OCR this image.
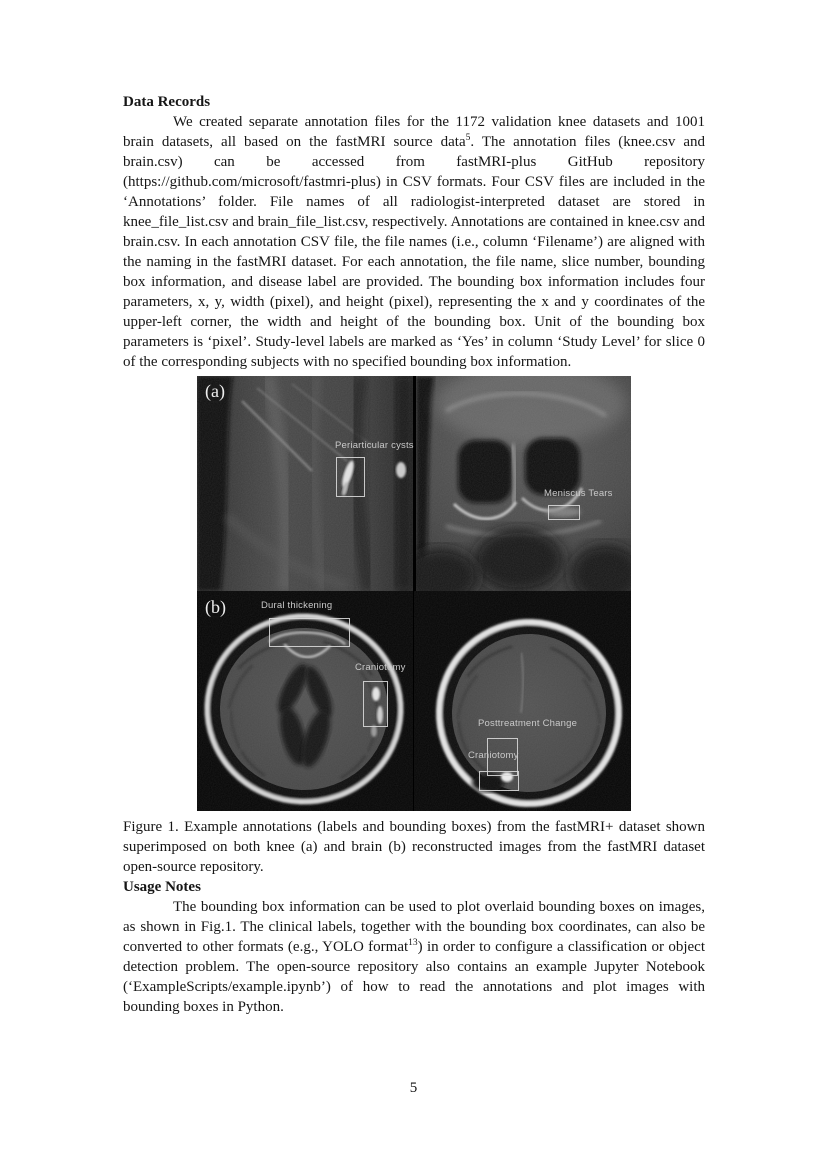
Data Records

We created separate annotation files for the 1172 validation knee datasets and 1001 brain datasets, all based on the fastMRI source data$^5$. The annotation files (knee.csv and brain.csv) can be accessed from fastMRI-plus GitHub repository (https://github.com/microsoft/fastmri-plus) in CSV formats. Four CSV files are included in the ‘Annotations’ folder. File names of all radiologist-interpreted dataset are stored in knee_file_list.csv and brain_file_list.csv, respectively. Annotations are contained in knee.csv and brain.csv. In each annotation CSV file, the file names (i.e., column ‘Filename’) are aligned with the naming in the fastMRI dataset. For each annotation, the file name, slice number, bounding box information, and disease label are provided. The bounding box information includes four parameters, x, y, width (pixel), and height (pixel), representing the x and y coordinates of the upper-left corner, the width and height of the bounding box. Unit of the bounding box parameters is ‘pixel’. Study-level labels are marked as ‘Yes’ in column ‘Study Level’ for slice 0 of the corresponding subjects with no specified bounding box information.

(a)
(b)
Periarticular cysts
Meniscus Tears
Dural thickening
Craniotomy
Posttreatment Change
Craniotomy

Figure 1. Example annotations (labels and bounding boxes) from the fastMRI+ dataset shown superimposed on both knee (a) and brain (b) reconstructed images from the fastMRI dataset open-source repository.

Usage Notes

The bounding box information can be used to plot overlaid bounding boxes on images, as shown in Fig.1. The clinical labels, together with the bounding box coordinates, can also be converted to other formats (e.g., YOLO format$^{13}$) in order to configure a classification or object detection problem. The open-source repository also contains an example Jupyter Notebook (‘ExampleScripts/example.ipynb’) of how to read the annotations and plot images with bounding boxes in Python.

5
